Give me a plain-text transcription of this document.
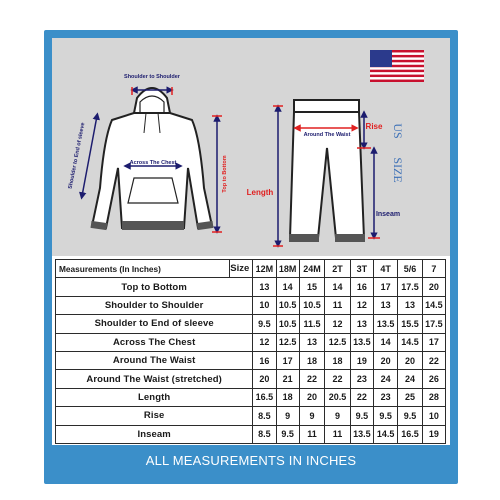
Shoulder to Shoulder
Shoulder to End of sleeve	Across The Chest	Top to Bottom
Around The Waist
Rise
Length
Inseam
US
SIZE
Measurements (In Inches)	Size	12M	18M	24M	2T	3T	4T	5/6	7
Top to Bottom		13	14	15	14	16	17	17.5	20
Shoulder to Shoulder		10	10.5	10.5	11	12	13	13	14.5
Shoulder to End of sleeve		9.5	10.5	11.5	12	13	13.5	15.5	17.5
Across The Chest		12	12.5	13	12.5	13.5	14	14.5	17
Around The Waist		16	17	18	18	19	20	20	22
Around The Waist (stretched)		20	21	22	22	23	24	24	26
Length		16.5	18	20	20.5	22	23	25	28
Rise		8.5	9	9	9	9.5	9.5	9.5	10
Inseam		8.5	9.5	11	11	13.5	14.5	16.5	19
ALL MEASUREMENTS IN INCHES
